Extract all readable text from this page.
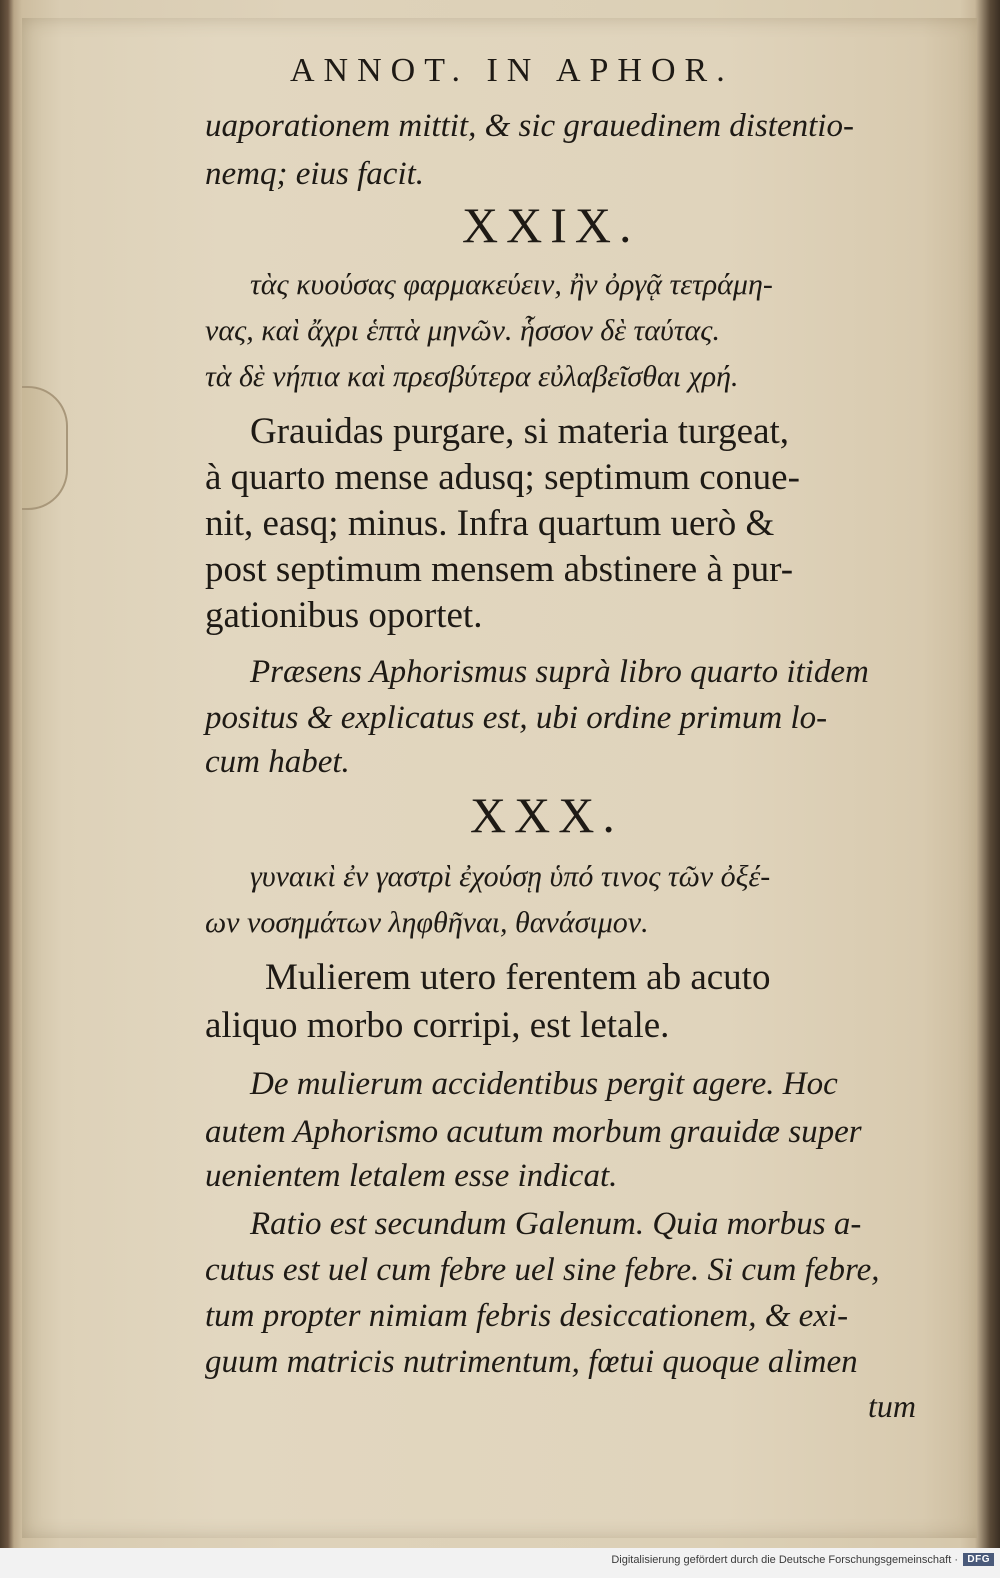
ANNOT. IN APHOR.
uaporationem mittit, & sic grauedinem distentio-
nemq; eius facit.
XXIX.
τὰς κυούσας φαρμακεύειν, ἢν ὀργᾷ τετράμη-
νας, καὶ ἄχρι ἑπτὰ μηνῶν. ἧσσον δὲ ταύτας.
τὰ δὲ νήπια καὶ πρεσβύτερα εὐλαβεῖσθαι χρή.
Grauidas purgare, si materia turgeat,
à quarto mense adusq; septimum conue-
nit, easq; minus. Infra quartum uerò &
post septimum mensem abstinere à pur-
gationibus oportet.
Præsens Aphorismus suprà libro quarto itidem
positus & explicatus est, ubi ordine primum lo-
cum habet.
XXX.
γυναικὶ ἐν γαστρὶ ἐχούσῃ ὑπό τινος τῶν ὀξέ-
ων νοσημάτων ληφθῆναι, θανάσιμον.
Mulierem utero ferentem ab acuto
aliquo morbo corripi, est letale.
De mulierum accidentibus pergit agere. Hoc
autem Aphorismo acutum morbum grauidæ super
uenientem letalem esse indicat.
Ratio est secundum Galenum. Quia morbus a-
cutus est uel cum febre uel sine febre. Si cum febre,
tum propter nimiam febris desiccationem, & exi-
guum matricis nutrimentum, fœtui quoque alimen
tum
Digitalisierung gefördert durch die Deutsche Forschungsgemeinschaft · DFG
